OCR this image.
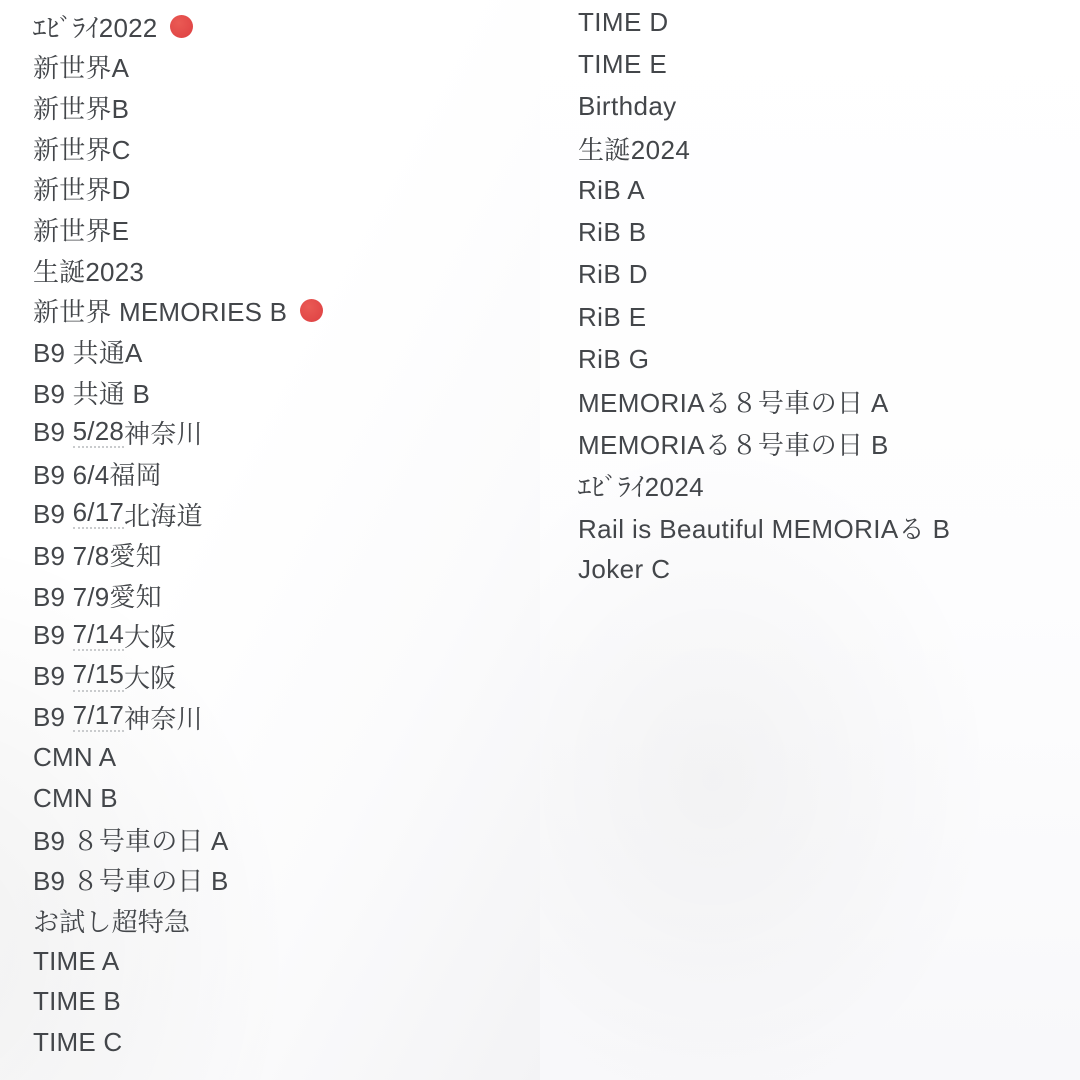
ｴﾋﾞﾗｲ2022
新世界A
新世界B
新世界C
新世界D
新世界E
生誕2023
新世界 MEMORIES B
B9 共通A
B9 共通 B
B9 5/28 神奈川
B9 6/4福岡
B9 6/17 北海道
B9 7/8愛知
B9 7/9愛知
B9 7/14 大阪
B9 7/15 大阪
B9 7/17 神奈川
CMN A
CMN B
B9 ８号車の日 A
B9 ８号車の日 B
お試し超特急
TIME A
TIME B
TIME C
TIME D
TIME E
Birthday
生誕2024
RiB A
RiB B
RiB D
RiB E
RiB G
MEMORIAる８号車の日 A
MEMORIAる８号車の日 B
ｴﾋﾞﾗｲ2024
Rail is Beautiful MEMORIAる B
Joker C
